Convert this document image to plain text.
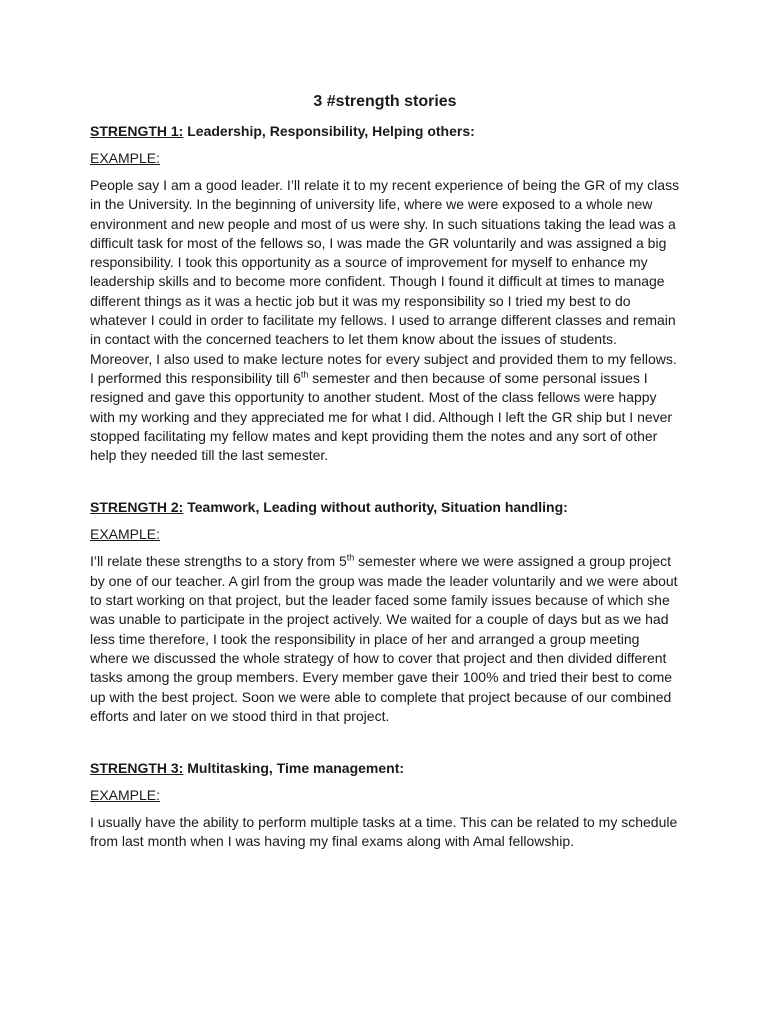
3 #strength stories

STRENGTH 1: Leadership, Responsibility, Helping others:

EXAMPLE:

People say I am a good leader. I’ll relate it to my recent experience of being the GR of my class in the University. In the beginning of university life, where we were exposed to a whole new environment and new people and most of us were shy. In such situations taking the lead was a difficult task for most of the fellows so, I was made the GR voluntarily and was assigned a big responsibility. I took this opportunity as a source of improvement for myself to enhance my leadership skills and to become more confident. Though I found it difficult at times to manage different things as it was a hectic job but it was my responsibility so I tried my best to do whatever I could in order to facilitate my fellows. I used to arrange different classes and remain in contact with the concerned teachers to let them know about the issues of students. Moreover, I also used to make lecture notes for every subject and provided them to my fellows. I performed this responsibility till 6th semester and then because of some personal issues I resigned and gave this opportunity to another student. Most of the class fellows were happy with my working and they appreciated me for what I did. Although I left the GR ship but I never stopped facilitating my fellow mates and kept providing them the notes and any sort of other help they needed till the last semester.

STRENGTH 2: Teamwork, Leading without authority, Situation handling:

EXAMPLE:

I’ll relate these strengths to a story from 5th semester where we were assigned a group project by one of our teacher. A girl from the group was made the leader voluntarily and we were about to start working on that project, but the leader faced some family issues because of which she was unable to participate in the project actively. We waited for a couple of days but as we had less time therefore, I took the responsibility in place of her and arranged a group meeting where we discussed the whole strategy of how to cover that project and then divided different tasks among the group members. Every member gave their 100% and tried their best to come up with the best project. Soon we were able to complete that project because of our combined efforts and later on we stood third in that project.

STRENGTH 3: Multitasking, Time management:

EXAMPLE:

I usually have the ability to perform multiple tasks at a time. This can be related to my schedule from last month when I was having my final exams along with Amal fellowship.
